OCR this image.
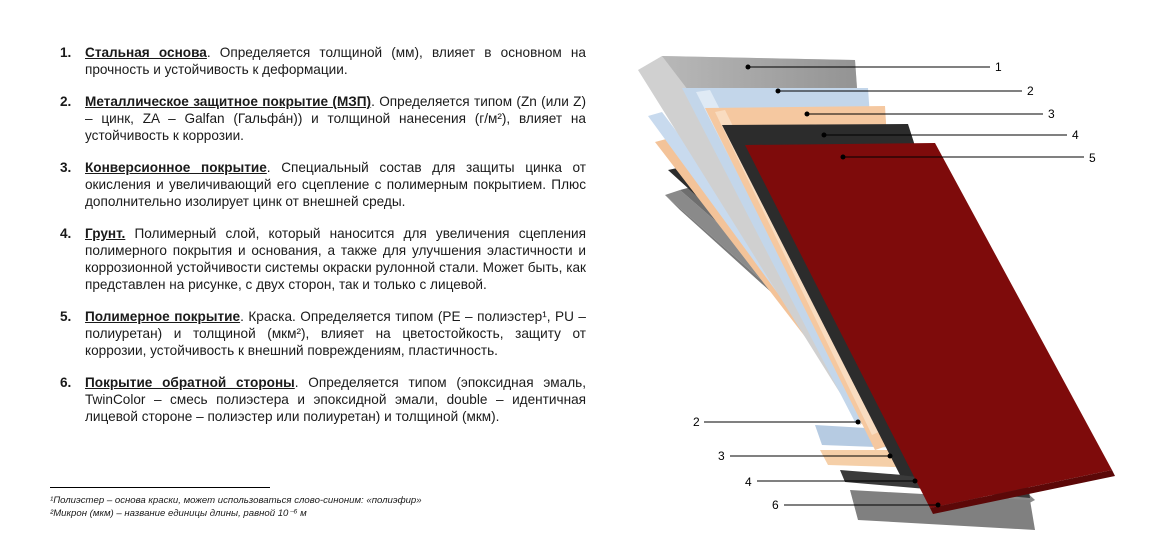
1.	Стальная основа. Определяется толщиной (мм), влияет в основном на прочность и устойчивость к деформации.
2.	Металлическое защитное покрытие (МЗП). Определяется типом (Zn (или Z) – цинк, ZA – Galfan (Гальфáн)) и толщиной нанесения (г/м²), влияет на устойчивость к коррозии.
3.	Конверсионное покрытие. Специальный состав для защиты цинка от окисления и увеличивающий его сцепление с полимерным покрытием. Плюс дополнительно изолирует цинк от внешней среды.
4.	Грунт. Полимерный слой, который наносится для увеличения сцепления полимерного покрытия и основания, а также для улучшения эластичности и коррозионной устойчивости системы окраски рулонной стали. Может быть, как представлен на рисунке, с двух сторон, так и только с лицевой.
5.	Полимерное покрытие. Краска. Определяется типом (PE – полиэстер¹, PU – полиуретан) и толщиной (мкм²), влияет на цветостойкость, защиту от коррозии, устойчивость к внешний повреждениям, пластичность.
6.	Покрытие обратной стороны. Определяется типом (эпоксидная эмаль, TwinColor – смесь полиэстера и эпоксидной эмали, double – идентичная лицевой стороне – полиэстер или полиуретан) и толщиной (мкм).
¹Полиэстер – основа краски, может использоваться слово-синоним: «полиэфир»
²Микрон (мкм) – название единицы длины, равной 10⁻⁶ м
1
2
3
4
5
2
3
4
6
